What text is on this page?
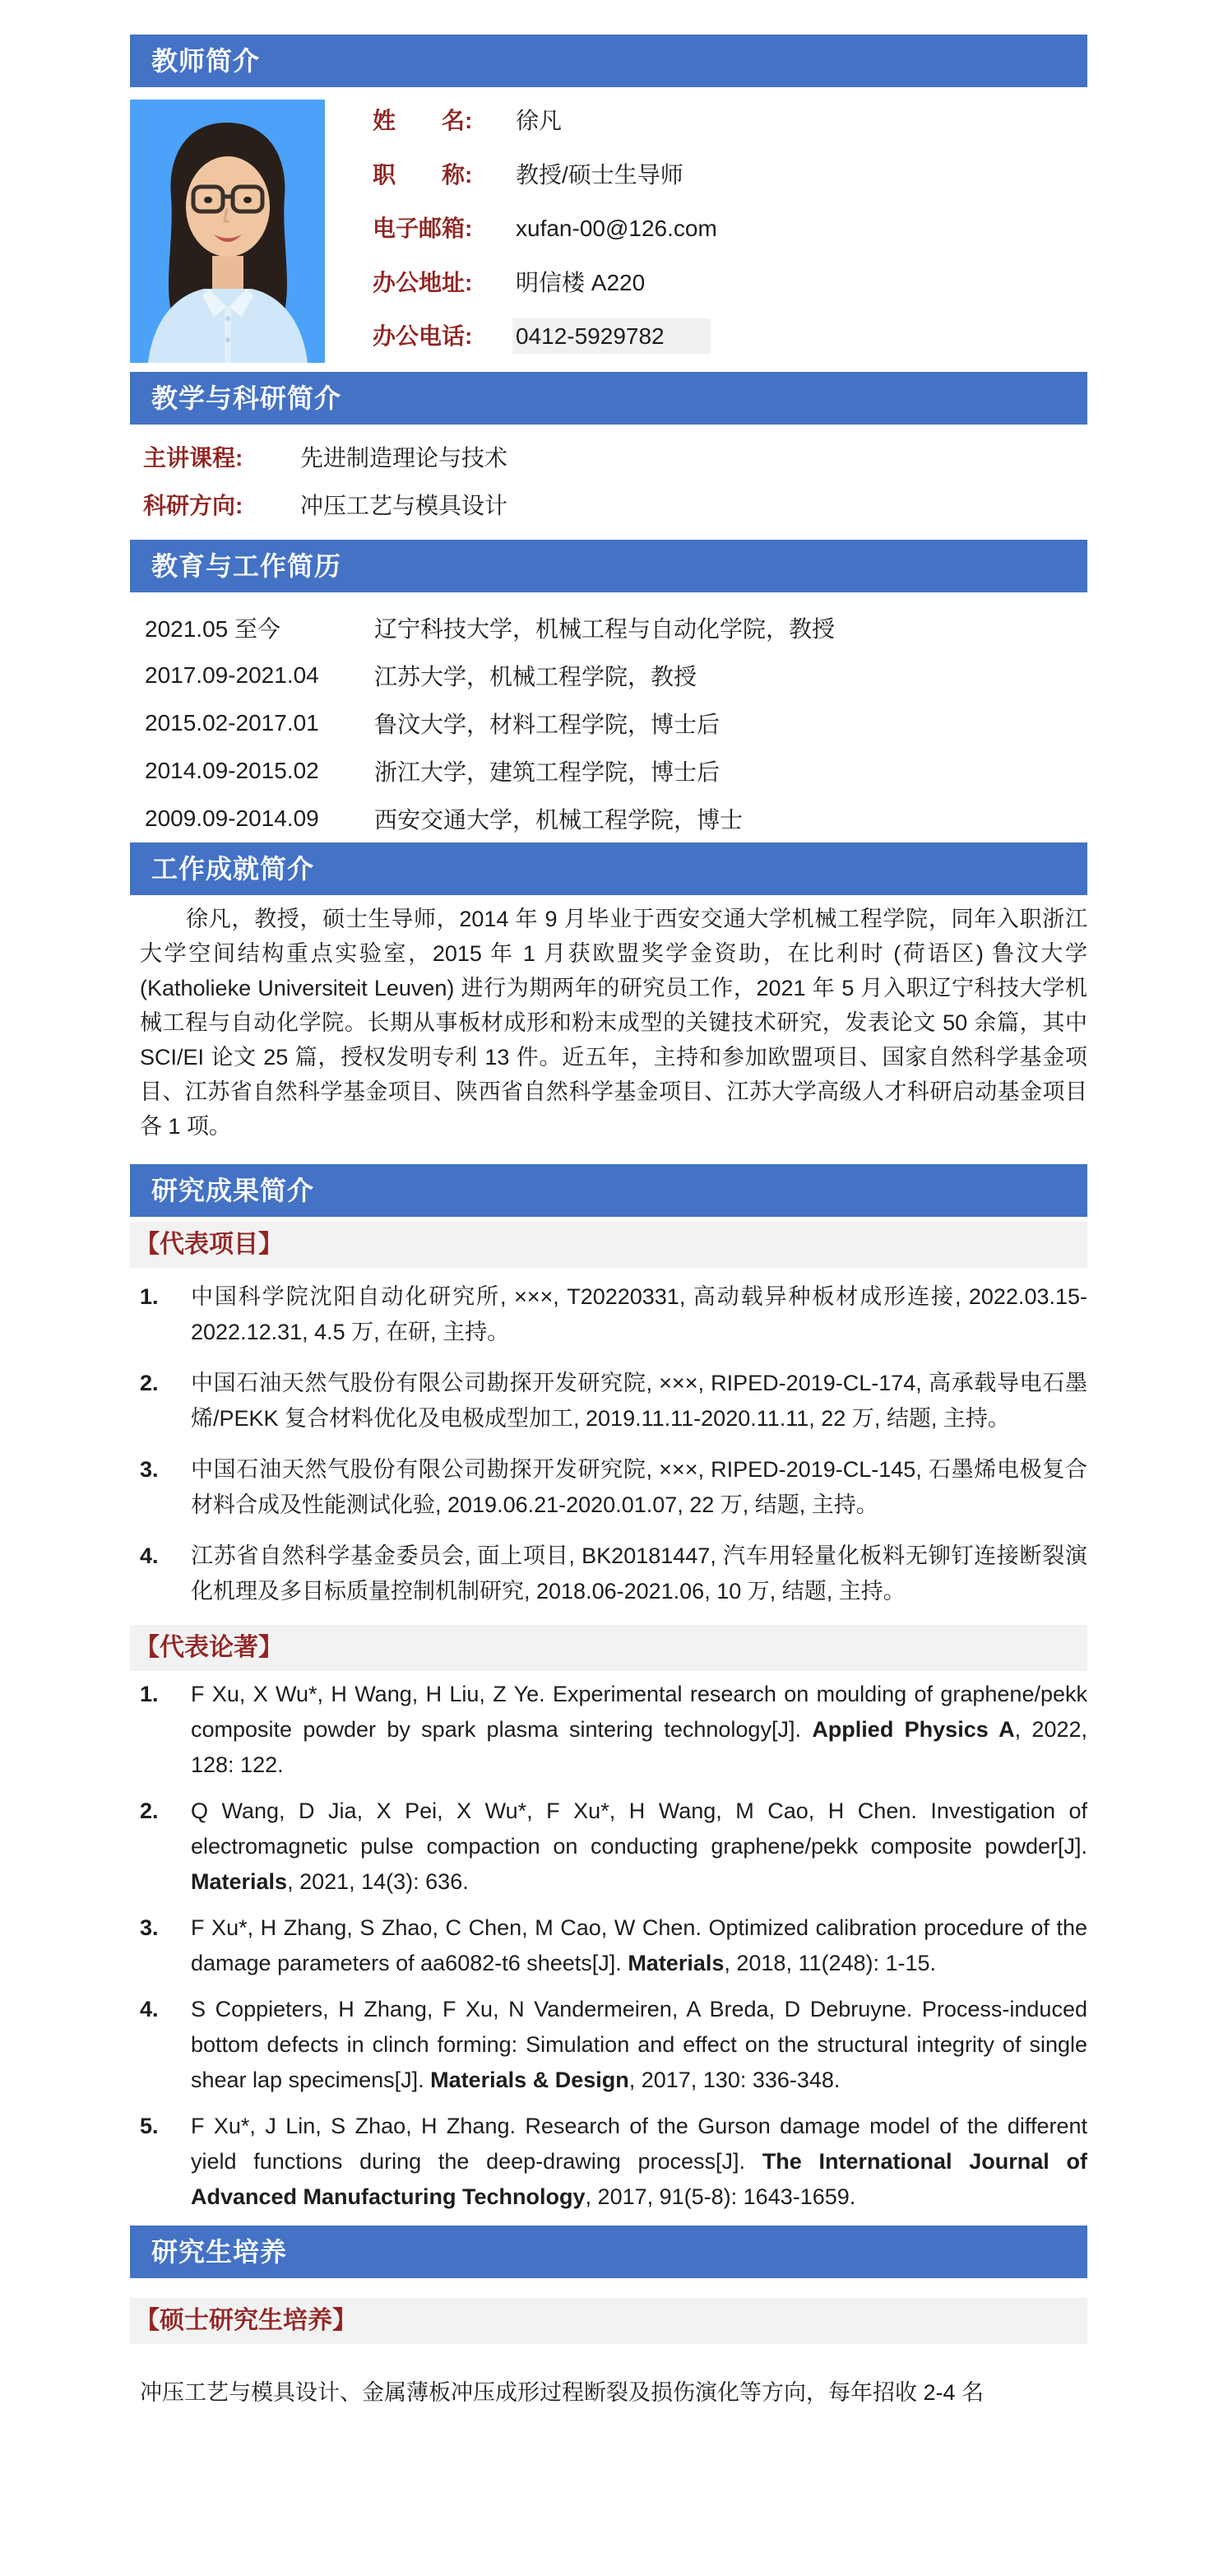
教师简介
姓　　名: 徐凡
职　　称: 教授/硕士生导师
电子邮箱: xufan-00@126.com
办公地址: 明信楼 A220
办公电话: 0412-5929782
教学与科研简介
主讲课程: 先进制造理论与技术
科研方向: 冲压工艺与模具设计
教育与工作简历
2021.05 至今	辽宁科技大学，机械工程与自动化学院，教授
2017.09-2021.04	江苏大学，机械工程学院，教授
2015.02-2017.01	鲁汶大学，材料工程学院，博士后
2014.09-2015.02	浙江大学，建筑工程学院，博士后
2009.09-2014.09	西安交通大学，机械工程学院，博士
工作成就简介
徐凡，教授，硕士生导师，2014 年 9 月毕业于西安交通大学机械工程学院，同年入职浙江大学空间结构重点实验室，2015 年 1 月获欧盟奖学金资助，在比利时 (荷语区) 鲁汶大学 (Katholieke Universiteit Leuven) 进行为期两年的研究员工作，2021 年 5 月入职辽宁科技大学机械工程与自动化学院。长期从事板材成形和粉末成型的关键技术研究，发表论文 50 余篇，其中 SCI/EI 论文 25 篇，授权发明专利 13 件。近五年，主持和参加欧盟项目、国家自然科学基金项目、江苏省自然科学基金项目、陕西省自然科学基金项目、江苏大学高级人才科研启动基金项目各 1 项。
研究成果简介
【代表项目】
1. 中国科学院沈阳自动化研究所, ×××, T20220331, 高动载异种板材成形连接, 2022.03.15-2022.12.31, 4.5 万, 在研, 主持。
2. 中国石油天然气股份有限公司勘探开发研究院, ×××, RIPED-2019-CL-174, 高承载导电石墨烯/PEKK 复合材料优化及电极成型加工, 2019.11.11-2020.11.11, 22 万, 结题, 主持。
3. 中国石油天然气股份有限公司勘探开发研究院, ×××, RIPED-2019-CL-145, 石墨烯电极复合材料合成及性能测试化验, 2019.06.21-2020.01.07, 22 万, 结题, 主持。
4. 江苏省自然科学基金委员会, 面上项目, BK20181447, 汽车用轻量化板料无铆钉连接断裂演化机理及多目标质量控制机制研究, 2018.06-2021.06, 10 万, 结题, 主持。
【代表论著】
1. F Xu, X Wu*, H Wang, H Liu, Z Ye. Experimental research on moulding of graphene/pekk composite powder by spark plasma sintering technology[J]. Applied Physics A, 2022, 128: 122.
2. Q Wang, D Jia, X Pei, X Wu*, F Xu*, H Wang, M Cao, H Chen. Investigation of electromagnetic pulse compaction on conducting graphene/pekk composite powder[J]. Materials, 2021, 14(3): 636.
3. F Xu*, H Zhang, S Zhao, C Chen, M Cao, W Chen. Optimized calibration procedure of the damage parameters of aa6082-t6 sheets[J]. Materials, 2018, 11(248): 1-15.
4. S Coppieters, H Zhang, F Xu, N Vandermeiren, A Breda, D Debruyne. Process-induced bottom defects in clinch forming: Simulation and effect on the structural integrity of single shear lap specimens[J]. Materials & Design, 2017, 130: 336-348.
5. F Xu*, J Lin, S Zhao, H Zhang. Research of the Gurson damage model of the different yield functions during the deep-drawing process[J]. The International Journal of Advanced Manufacturing Technology, 2017, 91(5-8): 1643-1659.
研究生培养
【硕士研究生培养】
冲压工艺与模具设计、金属薄板冲压成形过程断裂及损伤演化等方向，每年招收 2-4 名
